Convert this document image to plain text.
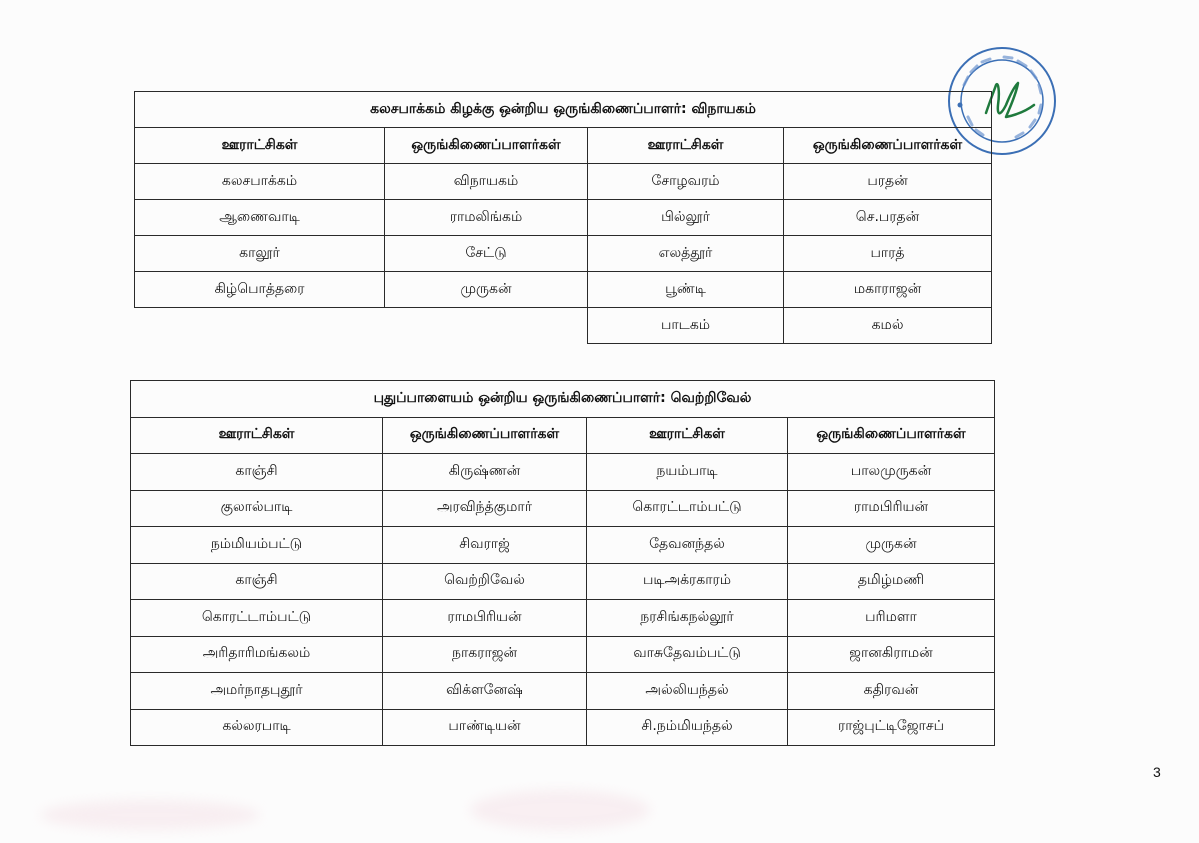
கலசபாக்கம் கிழக்கு ஒன்றிய ஒருங்கிணைப்பாளர்: விநாயகம்			
ஊராட்சிகள்	ஒருங்கிணைப்பாளர்கள்	ஊராட்சிகள்	ஒருங்கிணைப்பாளர்கள்
கலசபாக்கம்	விநாயகம்	சோழவரம்	பரதன்
ஆணைவாடி	ராமலிங்கம்	பில்லூர்	செ.பரதன்
காலூர்	சேட்டு	எலத்தூர்	பாரத்
கிழ்பொத்தரை	முருகன்	பூண்டி	மகாராஜன்
		பாடகம்	கமல்
புதுப்பாளையம் ஒன்றிய ஒருங்கிணைப்பாளர்: வெற்றிவேல்			
ஊராட்சிகள்	ஒருங்கிணைப்பாளர்கள்	ஊராட்சிகள்	ஒருங்கிணைப்பாளர்கள்
காஞ்சி	கிருஷ்ணன்	நயம்பாடி	பாலமுருகன்
குலால்பாடி	அரவிந்த்குமார்	கொரட்டாம்பட்டு	ராமபிரியன்
நம்மியம்பட்டு	சிவராஜ்	தேவனந்தல்	முருகன்
காஞ்சி	வெற்றிவேல்	படிஅக்ரகாரம்	தமிழ்மணி
கொரட்டாம்பட்டு	ராமபிரியன்	நரசிங்கநல்லூர்	பரிமளா
அரிதாரிமங்கலம்	நாகராஜன்	வாசுதேவம்பட்டு	ஜானகிராமன்
அமர்நாதபுதூர்	விக்ளனேஷ்	அல்லியந்தல்	கதிரவன்
கல்லரபாடி	பாண்டியன்	சி.நம்மியந்தல்	ராஜ்புட்டிஜோசப்
3
